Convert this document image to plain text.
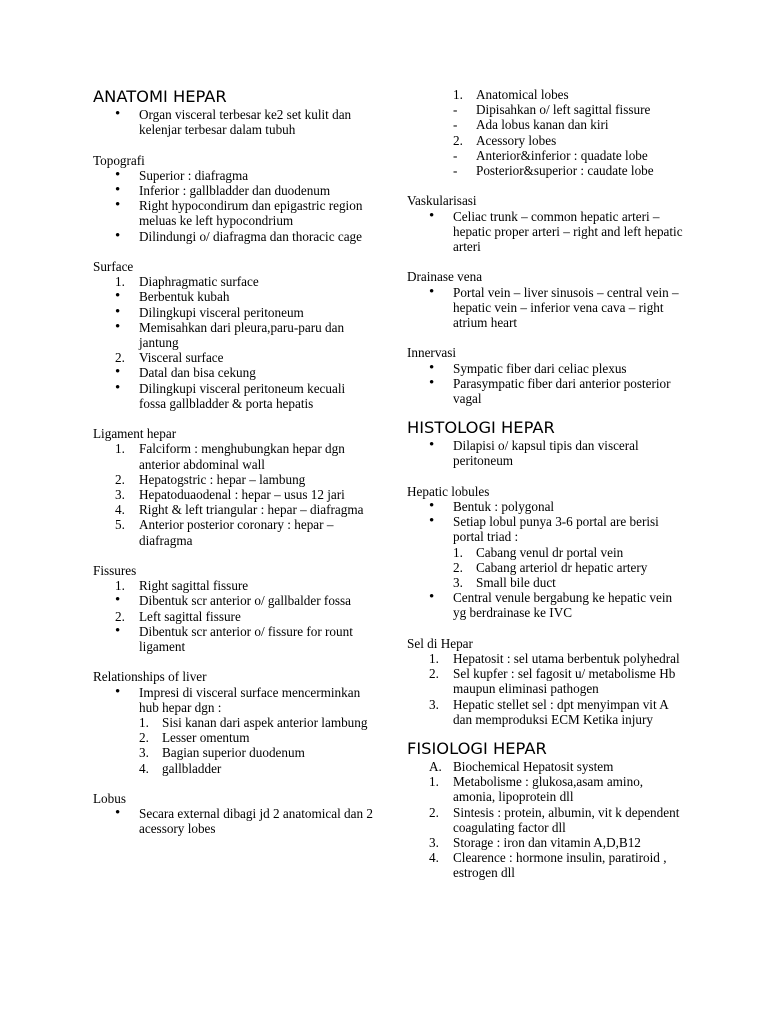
ANATOMI HEPAR
• Organ visceral terbesar ke2 set kulit dan kelenjar terbesar dalam tubuh
Topografi
• Superior : diafragma
• Inferior : gallbladder dan duodenum
• Right hypocondirum dan epigastric region meluas ke left hypocondrium
• Dilindungi o/ diafragma dan thoracic cage
Surface
1. Diaphragmatic surface
• Berbentuk kubah
• Dilingkupi visceral peritoneum
• Memisahkan dari pleura,paru-paru dan jantung
2. Visceral surface
• Datal dan bisa cekung
• Dilingkupi visceral peritoneum kecuali fossa gallbladder & porta hepatis
Ligament hepar
1. Falciform : menghubungkan hepar dgn anterior abdominal wall
2. Hepatogstric : hepar – lambung
3. Hepatoduaodenal : hepar – usus 12 jari
4. Right & left triangular : hepar – diafragma
5. Anterior posterior coronary : hepar – diafragma
Fissures
1. Right sagittal fissure
• Dibentuk scr anterior o/ gallbalder fossa
2. Left sagittal fissure
• Dibentuk scr anterior o/ fissure for rount ligament
Relationships of liver
• Impresi di visceral surface mencerminkan hub hepar dgn :
1. Sisi kanan dari aspek anterior lambung
2. Lesser omentum
3. Bagian superior duodenum
4. gallbladder
Lobus
• Secara external dibagi jd 2 anatomical dan 2 acessory lobes
1. Anatomical lobes
- Dipisahkan o/ left sagittal fissure
- Ada lobus kanan dan kiri
2. Acessory lobes
- Anterior&inferior : quadate lobe
- Posterior&superior : caudate lobe
Vaskularisasi
• Celiac trunk – common hepatic arteri – hepatic proper arteri – right and left hepatic arteri
Drainase vena
• Portal vein – liver sinusois – central vein – hepatic vein – inferior vena cava – right atrium heart
Innervasi
• Sympatic fiber dari celiac plexus
• Parasympatic fiber dari anterior posterior vagal
HISTOLOGI HEPAR
• Dilapisi o/ kapsul tipis dan visceral peritoneum
Hepatic lobules
• Bentuk : polygonal
• Setiap lobul punya 3-6 portal are berisi portal triad :
1. Cabang venul dr portal vein
2. Cabang arteriol dr hepatic artery
3. Small bile duct
• Central venule bergabung ke hepatic vein yg berdrainase ke IVC
Sel di Hepar
1. Hepatosit : sel utama berbentuk polyhedral
2. Sel kupfer : sel fagosit u/ metabolisme Hb maupun eliminasi pathogen
3. Hepatic stellet sel : dpt menyimpan vit A dan memproduksi ECM Ketika injury
FISIOLOGI HEPAR
A. Biochemical Hepatosit system
1. Metabolisme : glukosa,asam amino, amonia, lipoprotein dll
2. Sintesis : protein, albumin, vit k dependent coagulating factor dll
3. Storage : iron dan vitamin A,D,B12
4. Clearence : hormone insulin, paratiroid , estrogen dll
